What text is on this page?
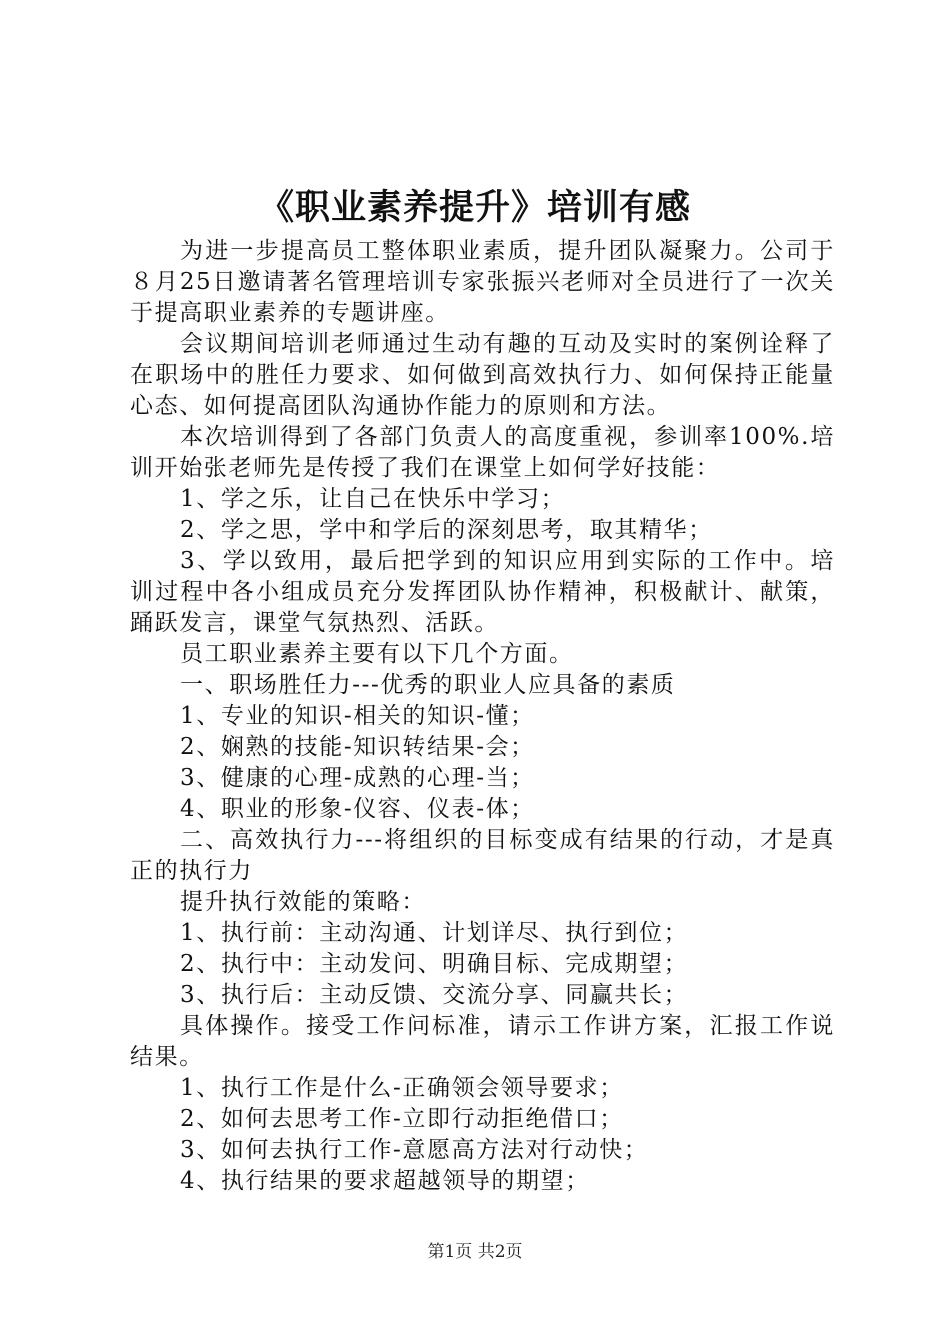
《职业素养提升》培训有感

为进一步提高员工整体职业素质，提升团队凝聚力。公司于８月25日邀请著名管理培训专家张振兴老师对全员进行了一次关于提高职业素养的专题讲座。

会议期间培训老师通过生动有趣的互动及实时的案例诠释了在职场中的胜任力要求、如何做到高效执行力、如何保持正能量心态、如何提高团队沟通协作能力的原则和方法。

本次培训得到了各部门负责人的高度重视，参训率100%.培训开始张老师先是传授了我们在课堂上如何学好技能：

1、学之乐，让自己在快乐中学习；

2、学之思，学中和学后的深刻思考，取其精华；

3、学以致用，最后把学到的知识应用到实际的工作中。培训过程中各小组成员充分发挥团队协作精神，积极献计、献策，踊跃发言，课堂气氛热烈、活跃。

员工职业素养主要有以下几个方面。

一、职场胜任力---优秀的职业人应具备的素质

1、专业的知识-相关的知识-懂；

2、娴熟的技能-知识转结果-会；

3、健康的心理-成熟的心理-当；

4、职业的形象-仪容、仪表-体；

二、高效执行力---将组织的目标变成有结果的行动，才是真正的执行力

提升执行效能的策略：

1、执行前：主动沟通、计划详尽、执行到位；

2、执行中：主动发问、明确目标、完成期望；

3、执行后：主动反馈、交流分享、同赢共长；

具体操作。接受工作问标准，请示工作讲方案，汇报工作说结果。

1、执行工作是什么-正确领会领导要求；

2、如何去思考工作-立即行动拒绝借口；

3、如何去执行工作-意愿高方法对行动快；

4、执行结果的要求超越领导的期望；

第1页 共2页
